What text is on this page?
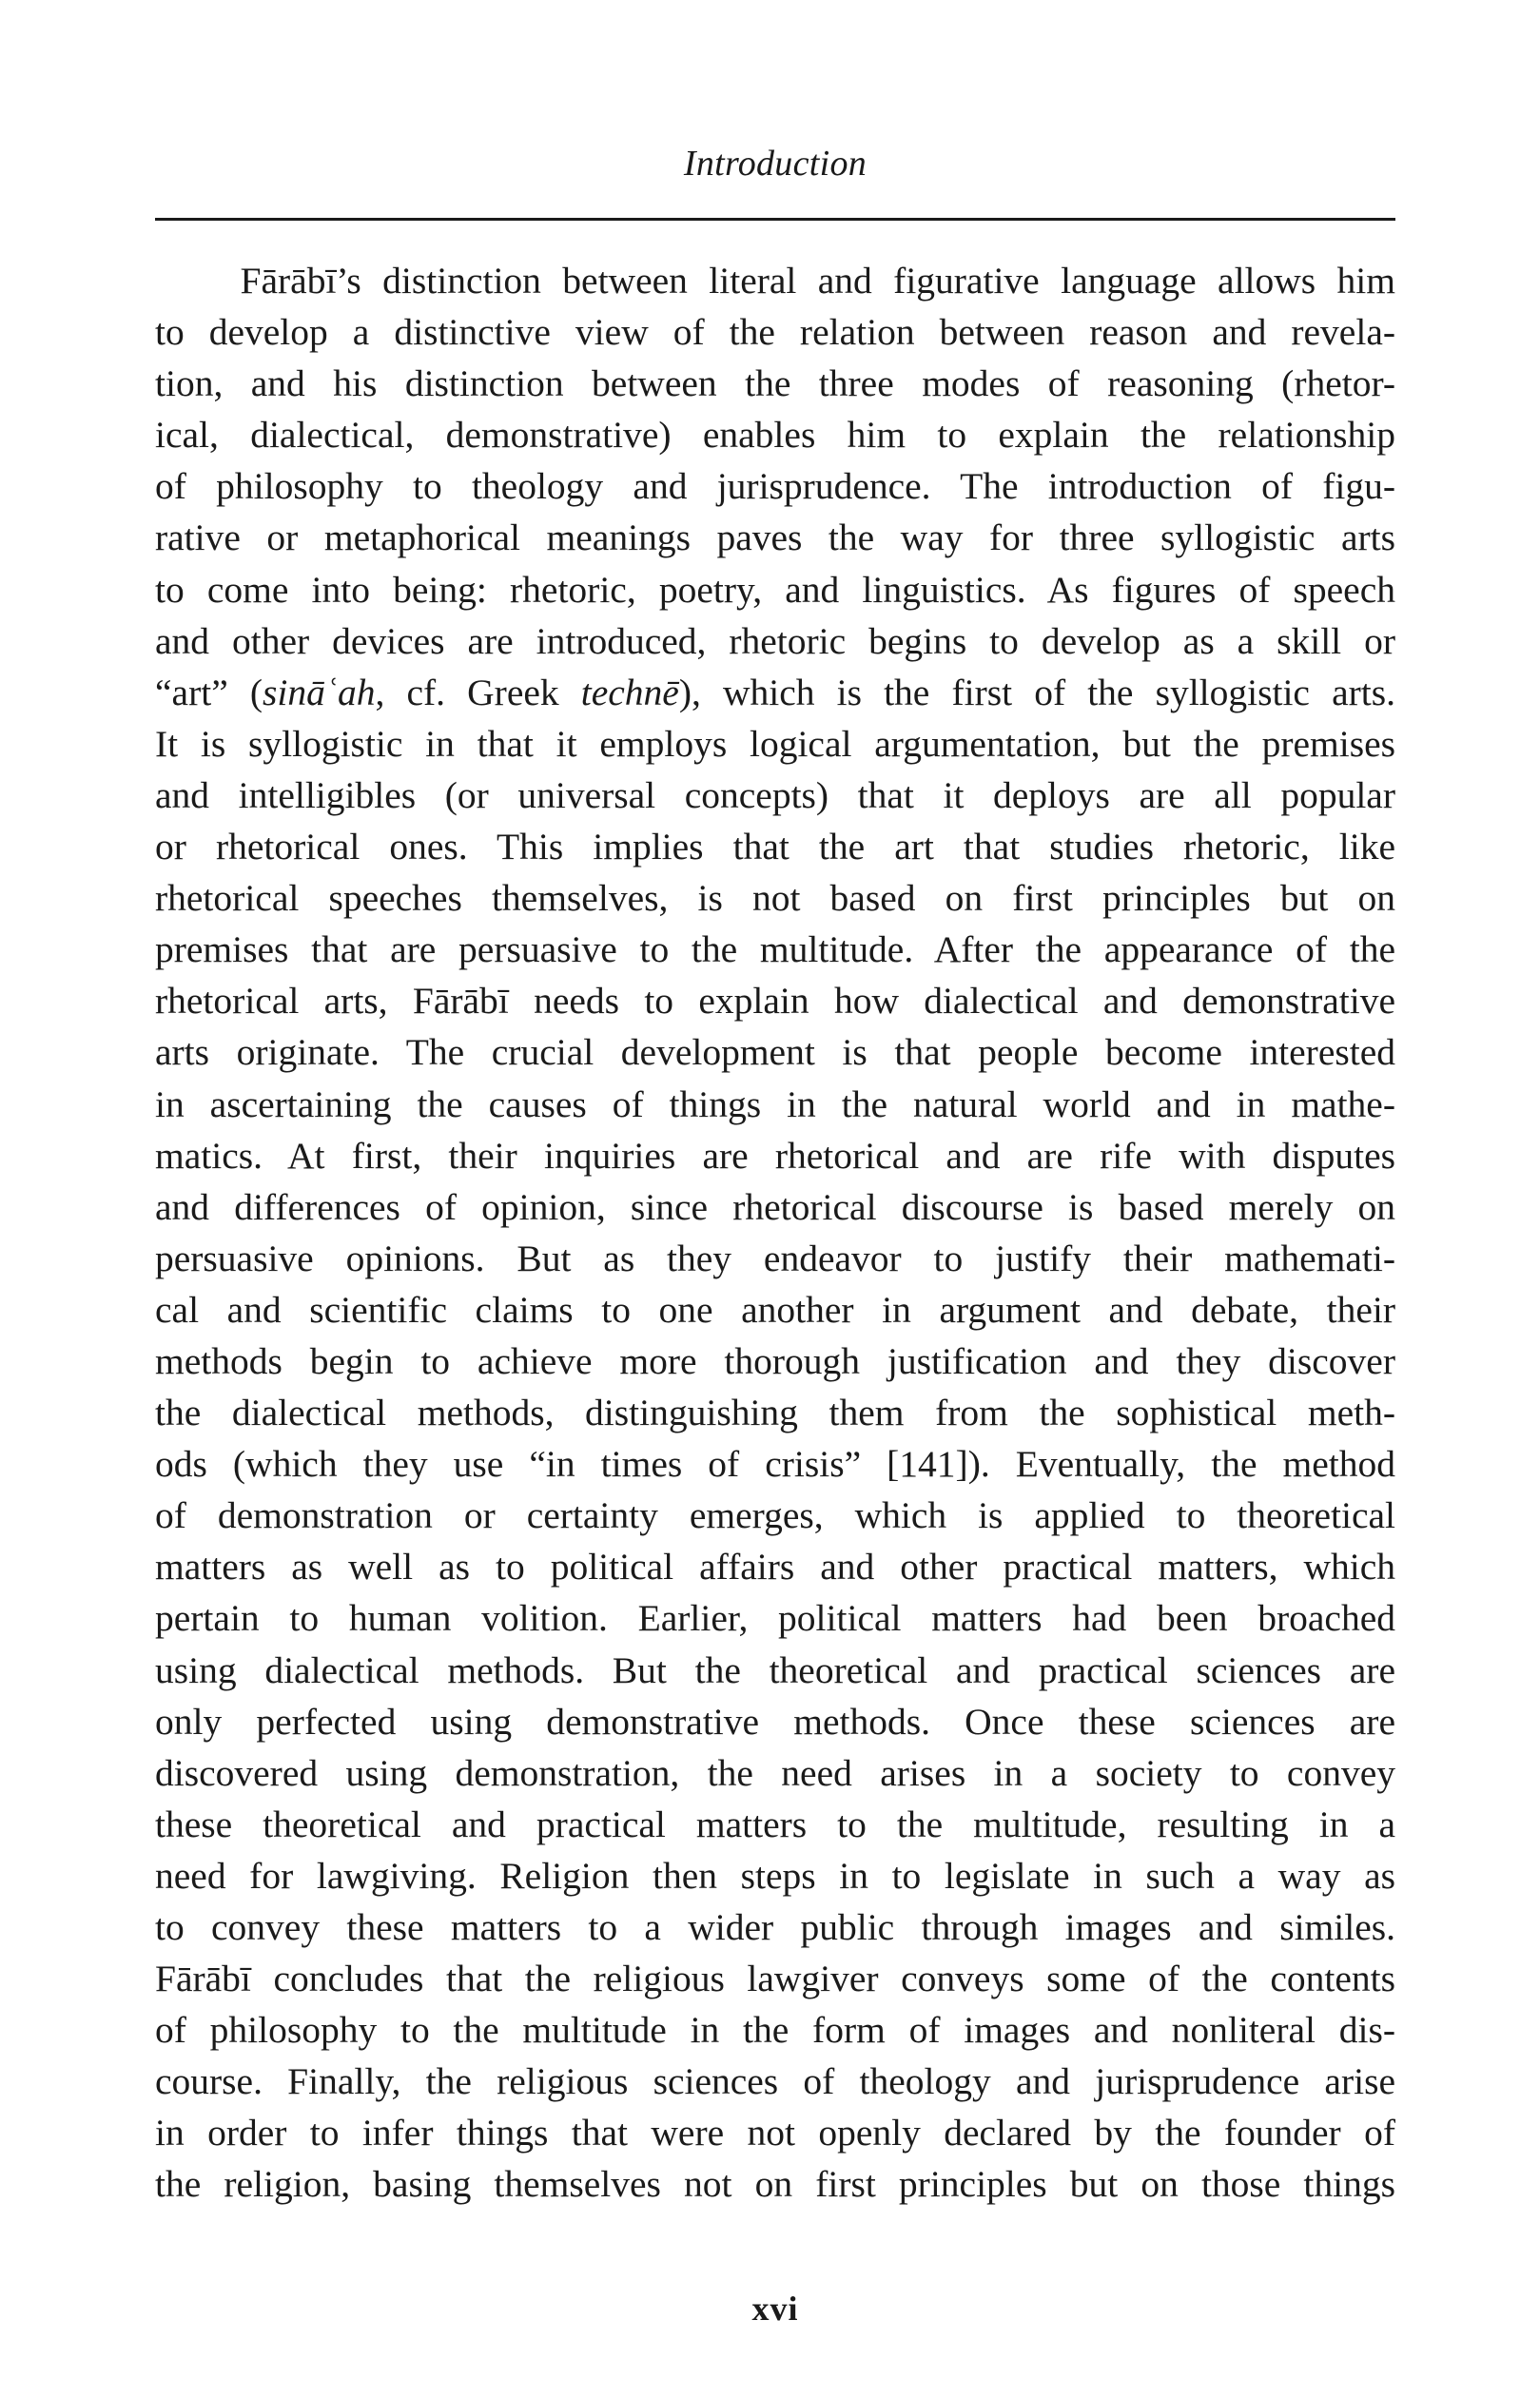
Introduction
Fārābī’s distinction between literal and figurative language allows him
to develop a distinctive view of the relation between reason and revela-
tion, and his distinction between the three modes of reasoning (rhetor-
ical, dialectical, demonstrative) enables him to explain the relationship
of philosophy to theology and jurisprudence. The introduction of figu-
rative or metaphorical meanings paves the way for three syllogistic arts
to come into being: rhetoric, poetry, and linguistics. As figures of speech
and other devices are introduced, rhetoric begins to develop as a skill or
“art” (sināʿah, cf. Greek technē), which is the first of the syllogistic arts.
It is syllogistic in that it employs logical argumentation, but the premises
and intelligibles (or universal concepts) that it deploys are all popular
or rhetorical ones. This implies that the art that studies rhetoric, like
rhetorical speeches themselves, is not based on first principles but on
premises that are persuasive to the multitude. After the appearance of the
rhetorical arts, Fārābī needs to explain how dialectical and demonstrative
arts originate. The crucial development is that people become interested
in ascertaining the causes of things in the natural world and in mathe-
matics. At first, their inquiries are rhetorical and are rife with disputes
and differences of opinion, since rhetorical discourse is based merely on
persuasive opinions. But as they endeavor to justify their mathemati-
cal and scientific claims to one another in argument and debate, their
methods begin to achieve more thorough justification and they discover
the dialectical methods, distinguishing them from the sophistical meth-
ods (which they use “in times of crisis” [141]). Eventually, the method
of demonstration or certainty emerges, which is applied to theoretical
matters as well as to political affairs and other practical matters, which
pertain to human volition. Earlier, political matters had been broached
using dialectical methods. But the theoretical and practical sciences are
only perfected using demonstrative methods. Once these sciences are
discovered using demonstration, the need arises in a society to convey
these theoretical and practical matters to the multitude, resulting in a
need for lawgiving. Religion then steps in to legislate in such a way as
to convey these matters to a wider public through images and similes.
Fārābī concludes that the religious lawgiver conveys some of the contents
of philosophy to the multitude in the form of images and nonliteral dis-
course. Finally, the religious sciences of theology and jurisprudence arise
in order to infer things that were not openly declared by the founder of
the religion, basing themselves not on first principles but on those things
xvi
